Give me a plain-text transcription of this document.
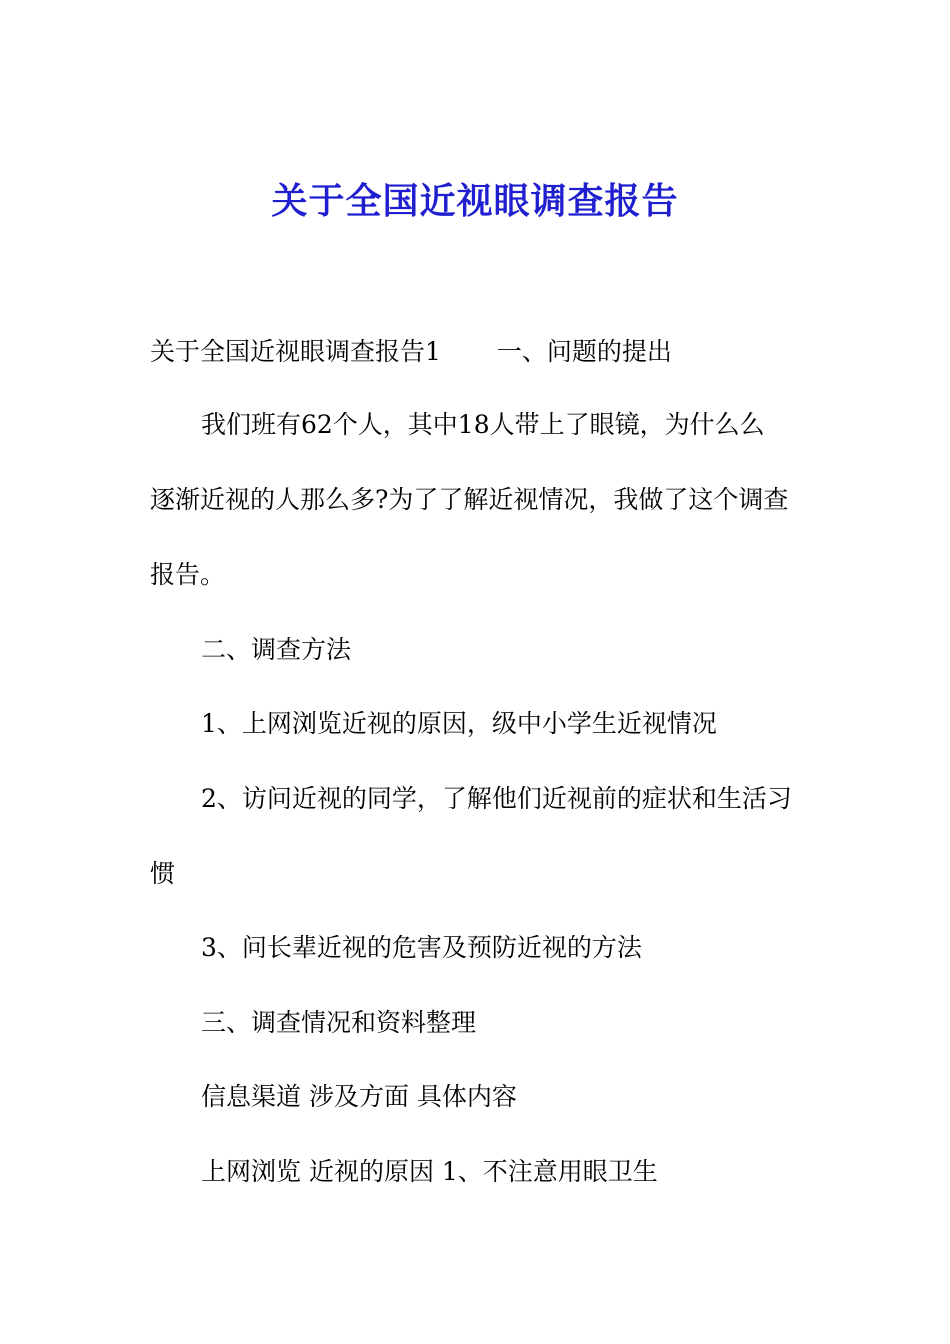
关于全国近视眼调查报告

关于全国近视眼调查报告1 一、问题的提出

我们班有62个人，其中18人带上了眼镜，为什么么

逐渐近视的人那么多?为了了解近视情况，我做了这个调查

报告。

二、调查方法

1、上网浏览近视的原因，级中小学生近视情况

2、访问近视的同学，了解他们近视前的症状和生活习

惯

3、问长辈近视的危害及预防近视的方法

三、调查情况和资料整理

信息渠道 涉及方面 具体内容

上网浏览 近视的原因 1、不注意用眼卫生
